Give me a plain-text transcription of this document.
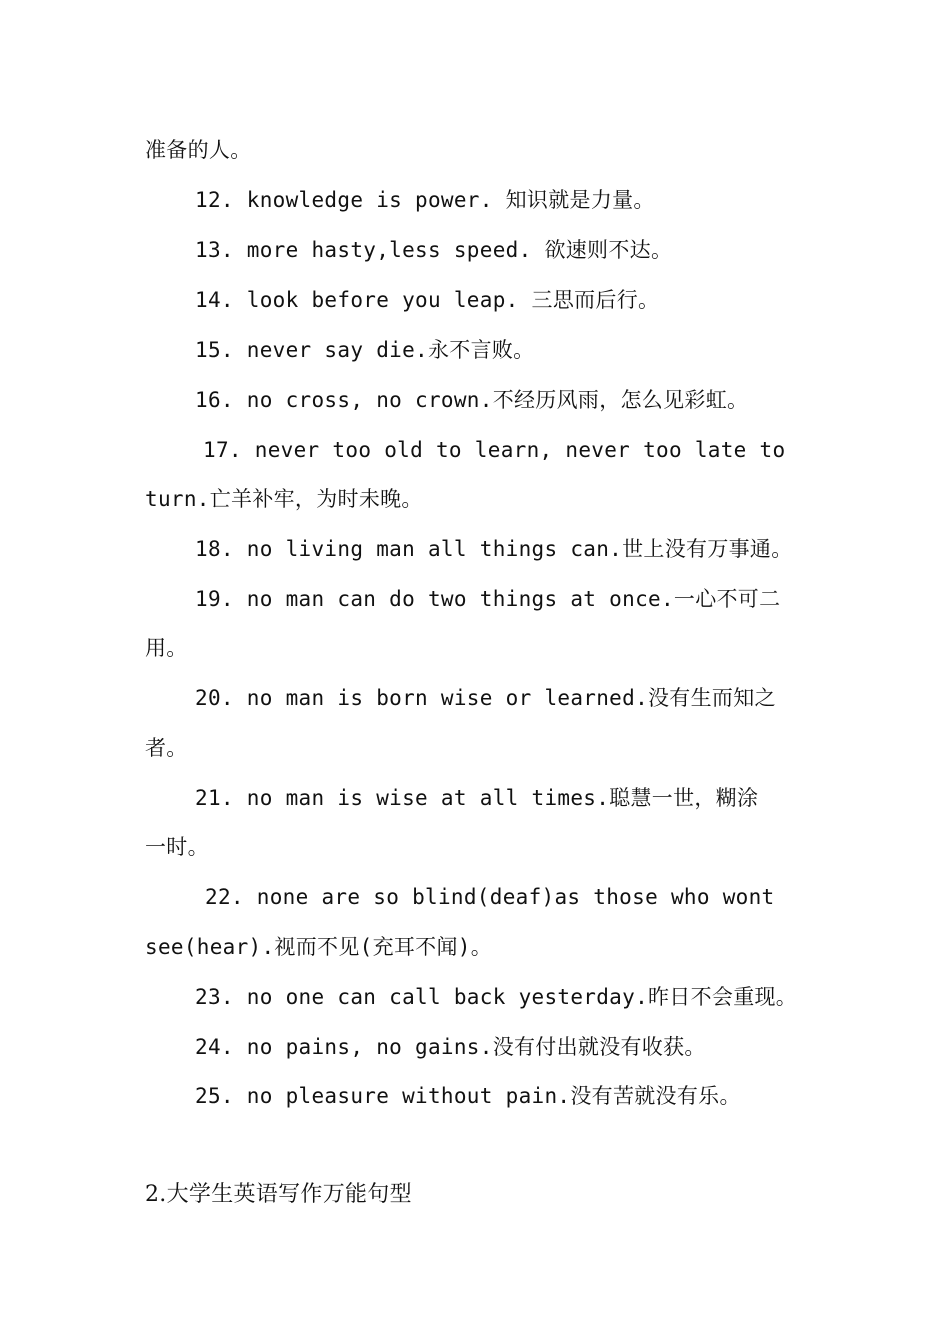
准备的人。
12. knowledge is power. 知识就是力量。
13. more hasty,less speed. 欲速则不达。
14. look before you leap. 三思而后行。
15. never say die.永不言败。
16. no cross, no crown.不经历风雨，怎么见彩虹。
17. never too old to learn, never too late to
turn.亡羊补牢，为时未晚。
18. no living man all things can.世上没有万事通。
19. no man can do two things at once.一心不可二
用。
20. no man is born wise or learned.没有生而知之
者。
21. no man is wise at all times.聪慧一世，糊涂
一时。
22. none are so blind(deaf)as those who wont
see(hear).视而不见(充耳不闻)。
23. no one can call back yesterday.昨日不会重现。
24. no pains, no gains.没有付出就没有收获。
25. no pleasure without pain.没有苦就没有乐。
2.大学生英语写作万能句型
